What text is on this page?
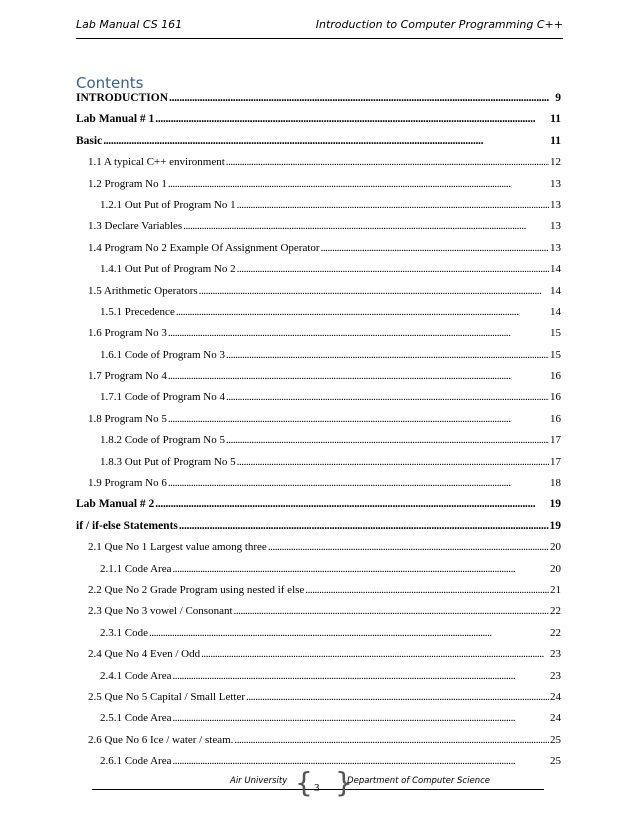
Lab Manual CS 161	Introduction to Computer Programming C++
Contents
INTRODUCTION . . .	9
Lab Manual # 1 . . .	11
Basic . . .	11
1.1 A typical C++ environment . . .	12
1.2 Program No 1 . . .	13
1.2.1 Out Put of Program No 1 . . .	13
1.3 Declare Variables . . .	13
1.4 Program No 2 Example Of Assignment Operator . . .	13
1.4.1 Out Put of Program No 2 . . .	14
1.5 Arithmetic Operators . . .	14
1.5.1 Precedence . . .	14
1.6 Program No 3 . . .	15
1.6.1 Code of Program No 3 . . .	15
1.7 Program No 4 . . .	16
1.7.1 Code of Program No 4 . . .	16
1.8 Program No 5 . . .	16
1.8.2 Code of Program No 5 . . .	17
1.8.3 Out Put of Program No 5 . . .	17
1.9 Program No 6 . . .	18
Lab Manual # 2 . . .	19
if / if-else Statements . . .	19
2.1 Que No 1 Largest value among three . . .	20
2.1.1 Code Area . . .	20
2.2 Que No 2 Grade Program using nested if else . . .	21
2.3 Que No 3 vowel / Consonant . . .	22
2.3.1 Code . . .	22
2.4 Que No 4 Even / Odd . . .	23
2.4.1 Code Area . . .	23
2.5 Que No 5 Capital / Small Letter . . .	24
2.5.1 Code Area . . .	24
2.6 Que No 6 Ice / water / steam. . . .	25
2.6.1 Code Area . . .	25
Air University { 3 }
Department of Computer Science
